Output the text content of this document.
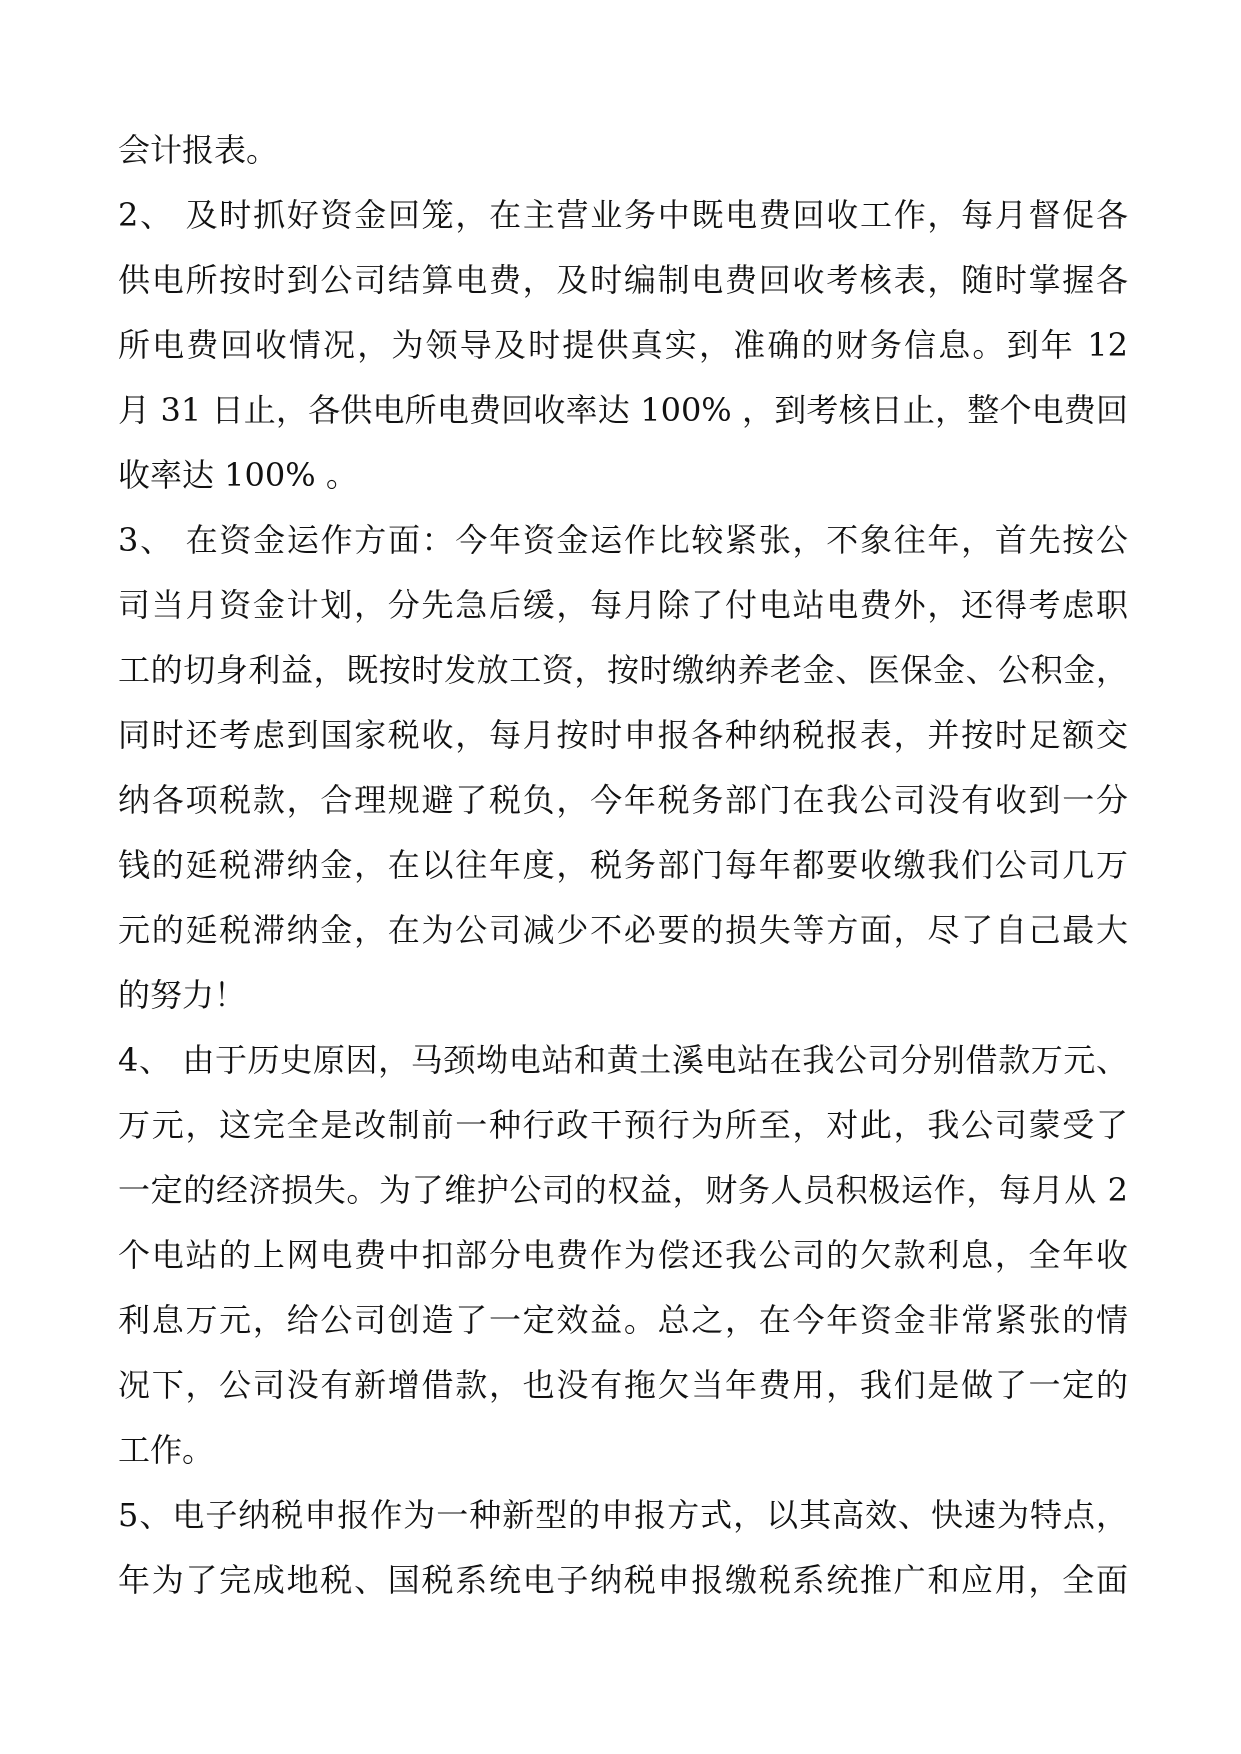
会计报表。
2、 及时抓好资金回笼，在主营业务中既电费回收工作，每月督促各
供电所按时到公司结算电费，及时编制电费回收考核表，随时掌握各
所电费回收情况，为领导及时提供真实，准确的财务信息。到年 12
月 31 日止，各供电所电费回收率达 100% ，到考核日止，整个电费回
收率达 100% 。
3、 在资金运作方面：今年资金运作比较紧张，不象往年，首先按公
司当月资金计划，分先急后缓，每月除了付电站电费外，还得考虑职
工的切身利益，既按时发放工资，按时缴纳养老金、医保金、公积金，
同时还考虑到国家税收，每月按时申报各种纳税报表，并按时足额交
纳各项税款，合理规避了税负，今年税务部门在我公司没有收到一分
钱的延税滞纳金，在以往年度，税务部门每年都要收缴我们公司几万
元的延税滞纳金，在为公司减少不必要的损失等方面，尽了自己最大
的努力！
4、 由于历史原因，马颈坳电站和黄土溪电站在我公司分别借款万元、
万元，这完全是改制前一种行政干预行为所至，对此，我公司蒙受了
一定的经济损失。为了维护公司的权益，财务人员积极运作，每月从 2
个电站的上网电费中扣部分电费作为偿还我公司的欠款利息，全年收
利息万元，给公司创造了一定效益。总之，在今年资金非常紧张的情
况下，公司没有新增借款，也没有拖欠当年费用，我们是做了一定的
工作。
5、电子纳税申报作为一种新型的申报方式，以其高效、快速为特点，
年为了完成地税、国税系统电子纳税申报缴税系统推广和应用，全面
